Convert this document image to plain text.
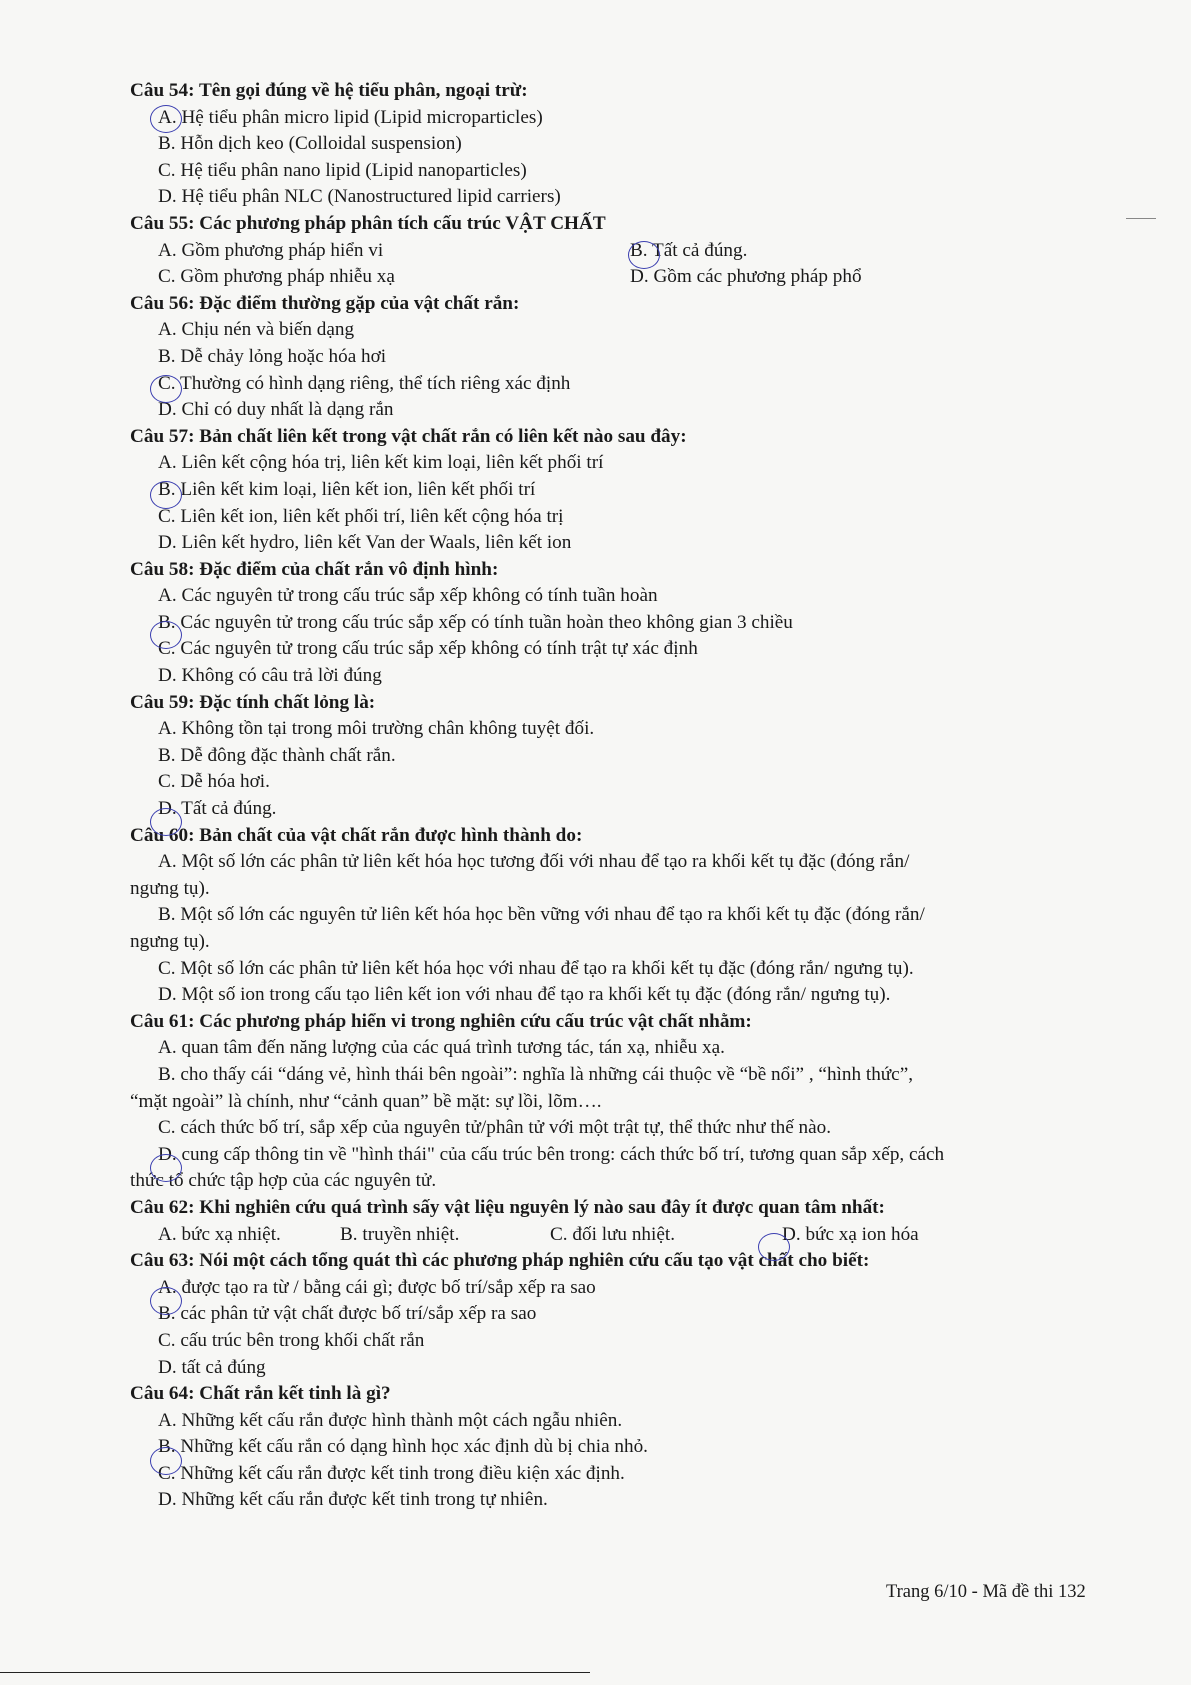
Câu 54: Tên gọi đúng về hệ tiểu phân, ngoại trừ:

A. Hệ tiểu phân micro lipid (Lipid microparticles)

B. Hỗn dịch keo (Colloidal suspension)

C. Hệ tiểu phân nano lipid (Lipid nanoparticles)

D. Hệ tiểu phân NLC (Nanostructured lipid carriers)

Câu 55: Các phương pháp phân tích cấu trúc VẬT CHẤT

A. Gồm phương pháp hiển vi	B. Tất cả đúng.
C. Gồm phương pháp nhiễu xạ	D. Gồm các phương pháp phổ

Câu 56: Đặc điểm thường gặp của vật chất rắn:

A. Chịu nén và biến dạng

B. Dễ chảy lỏng hoặc hóa hơi

C. Thường có hình dạng riêng, thể tích riêng xác định

D. Chỉ có duy nhất là dạng rắn

Câu 57: Bản chất liên kết trong vật chất rắn có liên kết nào sau đây:

A. Liên kết cộng hóa trị, liên kết kim loại, liên kết phối trí

B. Liên kết kim loại, liên kết ion, liên kết phối trí

C. Liên kết ion, liên kết phối trí, liên kết cộng hóa trị

D. Liên kết hydro, liên kết Van der Waals, liên kết ion

Câu 58: Đặc điểm của chất rắn vô định hình:

A. Các nguyên tử trong cấu trúc sắp xếp không có tính tuần hoàn

B. Các nguyên tử trong cấu trúc sắp xếp có tính tuần hoàn theo không gian 3 chiều

C. Các nguyên tử trong cấu trúc sắp xếp không có tính trật tự xác định

D. Không có câu trả lời đúng

Câu 59: Đặc tính chất lỏng là:

A. Không tồn tại trong môi trường chân không tuyệt đối.

B. Dễ đông đặc thành chất rắn.

C. Dễ hóa hơi.

D. Tất cả đúng.

Câu 60: Bản chất của vật chất rắn được hình thành do:

A. Một số lớn các phân tử liên kết hóa học tương đối với nhau để tạo ra khối kết tụ đặc (đóng rắn/

ngưng tụ).

B. Một số lớn các nguyên tử liên kết hóa học bền vững với nhau để tạo ra khối kết tụ đặc (đóng rắn/

ngưng tụ).

C. Một số lớn các phân tử liên kết hóa học với nhau để tạo ra khối kết tụ đặc (đóng rắn/ ngưng tụ).

D. Một số ion trong cấu tạo liên kết ion với nhau để tạo ra khối kết tụ đặc (đóng rắn/ ngưng tụ).

Câu 61: Các phương pháp hiển vi trong nghiên cứu cấu trúc vật chất nhằm:

A. quan tâm đến năng lượng của các quá trình tương tác, tán xạ, nhiễu xạ.

B. cho thấy cái “dáng vẻ, hình thái bên ngoài”: nghĩa là những cái thuộc về “bề nổi” , “hình thức”,

“mặt ngoài” là chính, như “cảnh quan” bề mặt: sự lồi, lõm….

C. cách thức bố trí, sắp xếp của nguyên tử/phân tử với một trật tự, thể thức như thế nào.

D. cung cấp thông tin về "hình thái" của cấu trúc bên trong: cách thức bố trí, tương quan sắp xếp, cách

thức tổ chức tập hợp của các nguyên tử.

Câu 62: Khi nghiên cứu quá trình sấy vật liệu nguyên lý nào sau đây ít được quan tâm nhất:

A. bức xạ nhiệt.	B. truyền nhiệt.	C. đối lưu nhiệt.	D. bức xạ ion hóa

Câu 63: Nói một cách tổng quát thì các phương pháp nghiên cứu cấu tạo vật chất cho biết:

A. được tạo ra từ / bằng cái gì; được bố trí/sắp xếp ra sao

B. các phân tử vật chất được bố trí/sắp xếp ra sao

C. cấu trúc bên trong khối chất rắn

D. tất cả đúng

Câu 64: Chất rắn kết tinh là gì?

A. Những kết cấu rắn được hình thành một cách ngẫu nhiên.

B. Những kết cấu rắn có dạng hình học xác định dù bị chia nhỏ.

C. Những kết cấu rắn được kết tinh trong điều kiện xác định.

D. Những kết cấu rắn được kết tinh trong tự nhiên.

Trang 6/10 - Mã đề thi 132
